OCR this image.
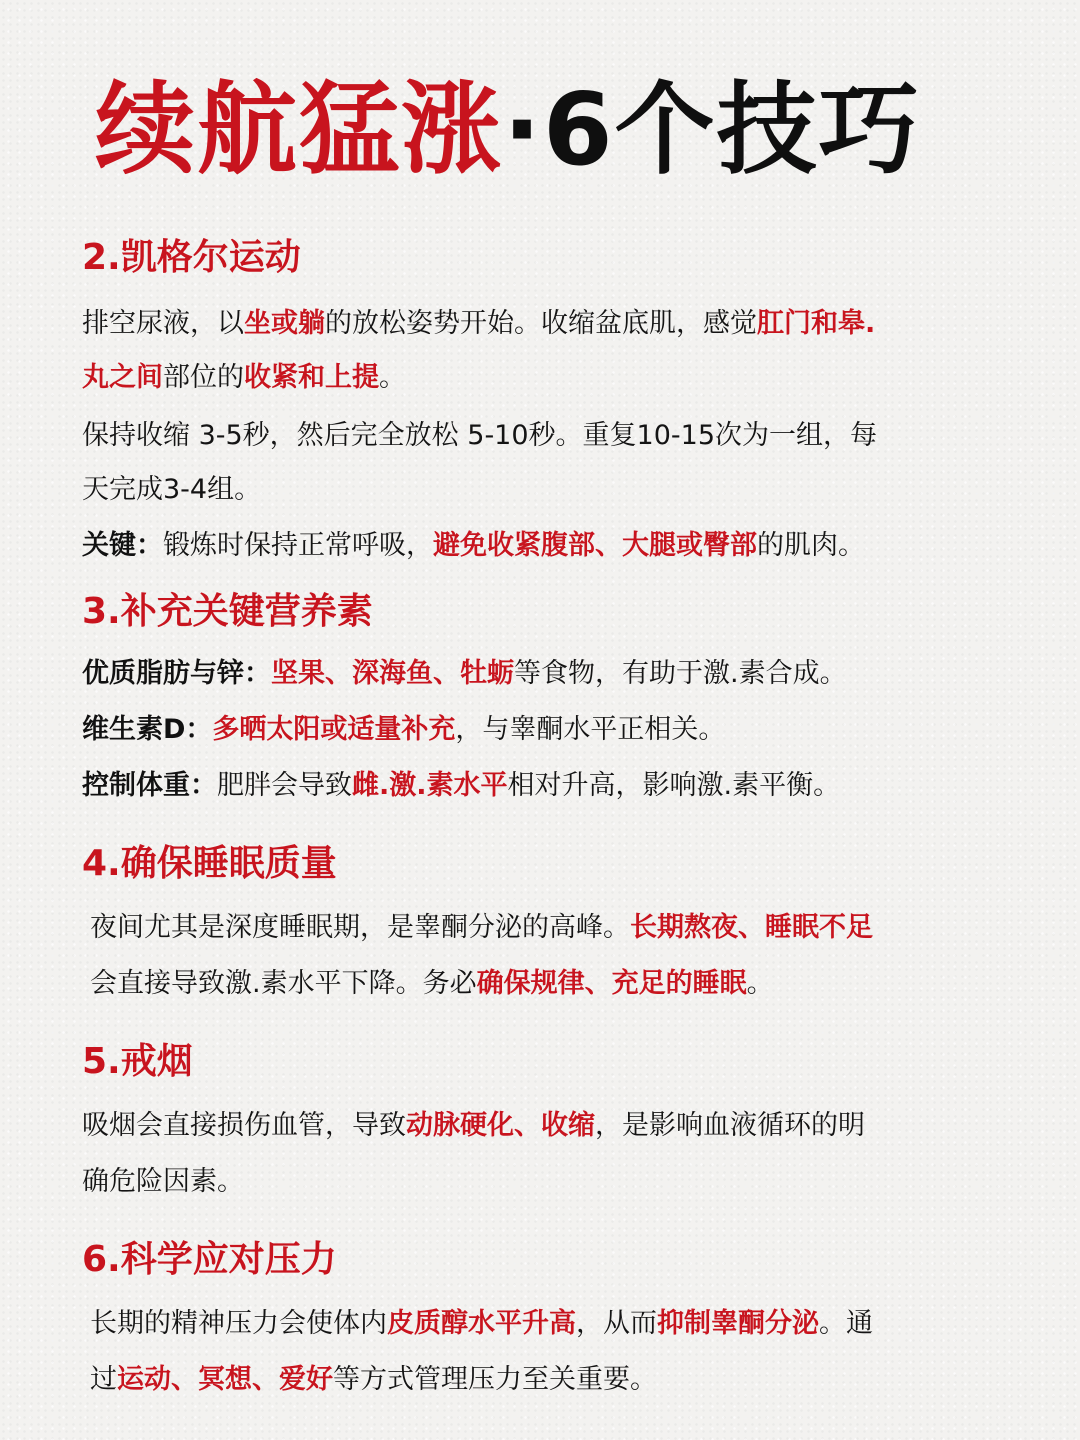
续航猛涨·6个技巧
2.凯格尔运动
排空尿液，以坐或躺的放松姿势开始。收缩盆底肌，感觉肛门和皋.
丸之间部位的收紧和上提。
保持收缩 3-5秒，然后完全放松 5-10秒。重复10-15次为一组，每
天完成3-4组。
关键：锻炼时保持正常呼吸，避免收紧腹部、大腿或臀部的肌肉。
3.补充关键营养素
优质脂肪与锌：坚果、深海鱼、牡蛎等食物，有助于激.素合成。
维生素D：多晒太阳或适量补充，与睾酮水平正相关。
控制体重：肥胖会导致雌.激.素水平相对升高，影响激.素平衡。
4.确保睡眠质量
夜间尤其是深度睡眠期，是睾酮分泌的高峰。长期熬夜、睡眠不足
会直接导致激.素水平下降。务必确保规律、充足的睡眠。
5.戒烟
吸烟会直接损伤血管，导致动脉硬化、收缩，是影响血液循环的明
确危险因素。
6.科学应对压力
长期的精神压力会使体内皮质醇水平升高，从而抑制睾酮分泌。通
过运动、冥想、爱好等方式管理压力至关重要。
